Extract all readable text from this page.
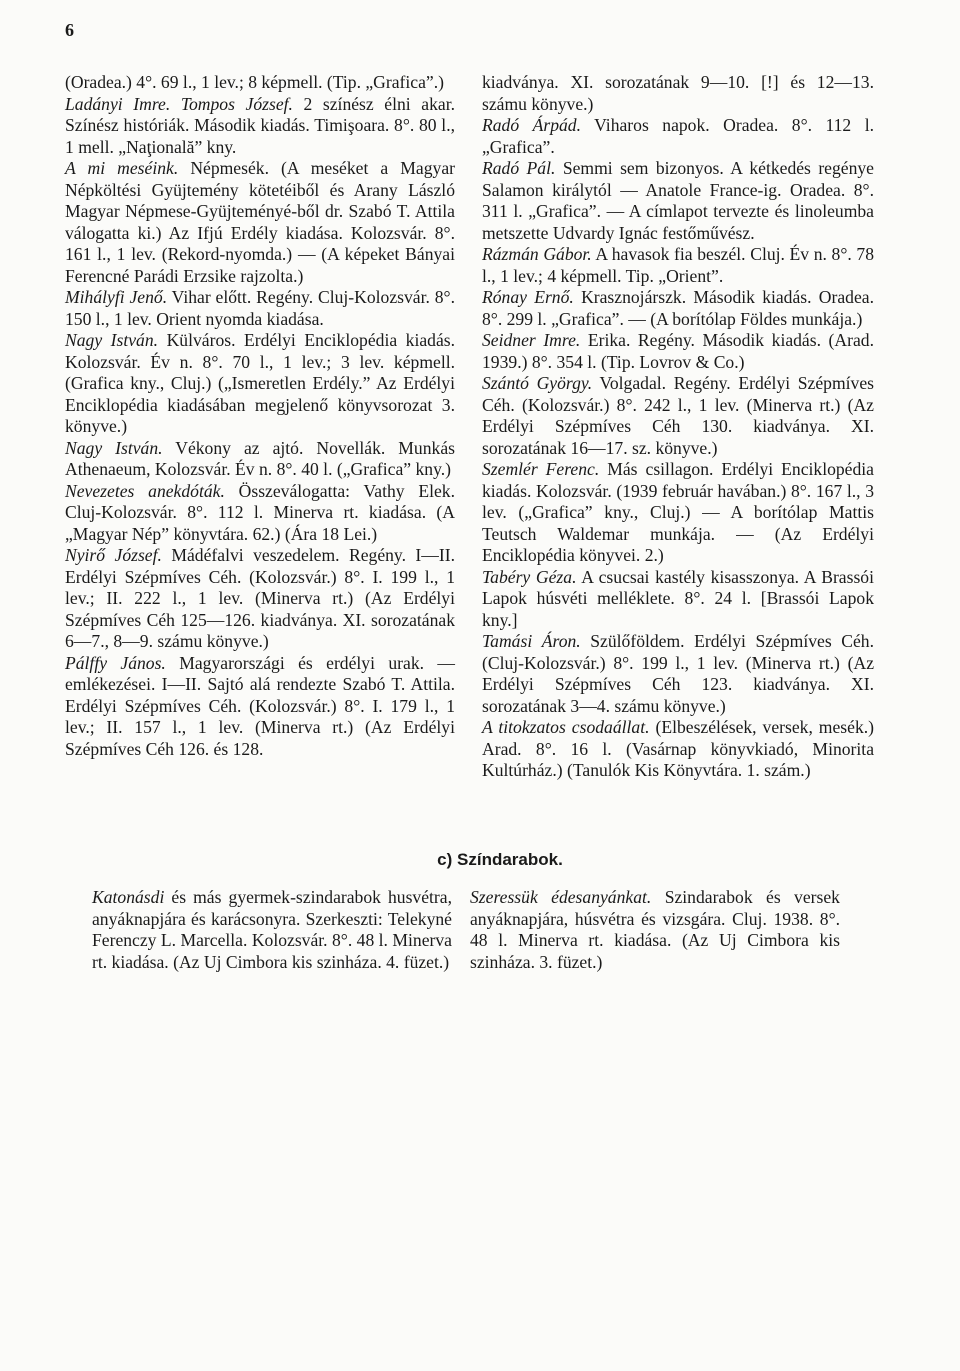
6

(Oradea.) 4°. 69 l., 1 lev.; 8 képmell. (Tip. „Grafica”.)

Ladányi Imre. Tompos József. 2 színész élni akar. Színész históriák. Második kiadás. Timişoara. 8°. 80 l., 1 mell. „Naţională” kny.

A mi meséink. Népmesék. (A meséket a Magyar Népköltési Gyüjtemény kötetéiből és Arany László Magyar Népmese-Gyüjteményé-ből dr. Szabó T. Attila válogatta ki.) Az Ifjú Erdély kiadása. Kolozsvár. 8°. 161 l., 1 lev. (Rekord-nyomda.) — (A képeket Bányai Ferencné Parádi Erzsike rajzolta.)

Mihályfi Jenő. Vihar előtt. Regény. Cluj-Kolozsvár. 8°. 150 l., 1 lev. Orient nyomda kiadása.

Nagy István. Külváros. Erdélyi Enciklopédia kiadás. Kolozsvár. Év n. 8°. 70 l., 1 lev.; 3 lev. képmell. (Grafica kny., Cluj.) („Ismeretlen Erdély.” Az Erdélyi Enciklopédia kiadásában megjelenő könyvsorozat 3. könyve.)

Nagy István. Vékony az ajtó. Novellák. Munkás Athenaeum, Kolozsvár. Év n. 8°. 40 l. („Grafica” kny.)

Nevezetes anekdóták. Összeválogatta: Vathy Elek. Cluj-Kolozsvár. 8°. 112 l. Minerva rt. kiadása. (A „Magyar Nép” könyvtára. 62.) (Ára 18 Lei.)

Nyirő József. Mádéfalvi veszedelem. Regény. I—II. Erdélyi Szépmíves Céh. (Kolozsvár.) 8°. I. 199 l., 1 lev.; II. 222 l., 1 lev. (Minerva rt.) (Az Erdélyi Szépmíves Céh 125—126. kiadványa. XI. sorozatának 6—7., 8—9. számu könyve.)

Pálffy János. Magyarországi és erdélyi urak. — emlékezései. I—II. Sajtó alá rendezte Szabó T. Attila. Erdélyi Szépmíves Céh. (Kolozsvár.) 8°. I. 179 l., 1 lev.; II. 157 l., 1 lev. (Minerva rt.) (Az Erdélyi Szépmíves Céh 126. és 128.

kiadványa. XI. sorozatának 9—10. [!] és 12—13. számu könyve.)

Radó Árpád. Viharos napok. Oradea. 8°. 112 l. „Grafica”.

Radó Pál. Semmi sem bizonyos. A kétkedés regénye Salamon királytól — Anatole France-ig. Oradea. 8°. 311 l. „Grafica”. — A címlapot tervezte és linoleumba metszette Udvardy Ignác festőművész.

Rázmán Gábor. A havasok fia beszél. Cluj. Év n. 8°. 78 l., 1 lev.; 4 képmell. Tip. „Orient”.

Rónay Ernő. Krasznojárszk. Második kiadás. Oradea. 8°. 299 l. „Grafica”. — (A borítólap Földes munkája.)

Seidner Imre. Erika. Regény. Második kiadás. (Arad. 1939.) 8°. 354 l. (Tip. Lovrov & Co.)

Szántó György. Volgadal. Regény. Erdélyi Szépmíves Céh. (Kolozsvár.) 8°. 242 l., 1 lev. (Minerva rt.) (Az Erdélyi Szépmíves Céh 130. kiadványa. XI. sorozatának 16—17. sz. könyve.)

Szemlér Ferenc. Más csillagon. Erdélyi Enciklopédia kiadás. Kolozsvár. (1939 február havában.) 8°. 167 l., 3 lev. („Grafica” kny., Cluj.) — A borítólap Mattis Teutsch Waldemar munkája. — (Az Erdélyi Enciklopédia könyvei. 2.)

Tabéry Géza. A csucsai kastély kisasszonya. A Brassói Lapok húsvéti melléklete. 8°. 24 l. [Brassói Lapok kny.]

Tamási Áron. Szülőföldem. Erdélyi Szépmíves Céh. (Cluj-Kolozsvár.) 8°. 199 l., 1 lev. (Minerva rt.) (Az Erdélyi Szépmíves Céh 123. kiadványa. XI. sorozatának 3—4. számu könyve.)

A titokzatos csodaállat. (Elbeszélések, versek, mesék.) Arad. 8°. 16 l. (Vasárnap könyvkiadó, Minorita Kultúrház.) (Tanulók Kis Könyvtára. 1. szám.)

c) Színdarabok.

Katonásdi és más gyermek-szindarabok husvétra, anyáknapjára és karácsonyra. Szerkeszti: Telekyné Ferenczy L. Marcella. Kolozsvár. 8°. 48 l. Minerva rt. kiadása. (Az Uj Cimbora kis szinháza. 4. füzet.)

Szeressük édesanyánkat. Szindarabok és versek anyáknapjára, húsvétra és vizsgára. Cluj. 1938. 8°. 48 l. Minerva rt. kiadása. (Az Uj Cimbora kis szinháza. 3. füzet.)
